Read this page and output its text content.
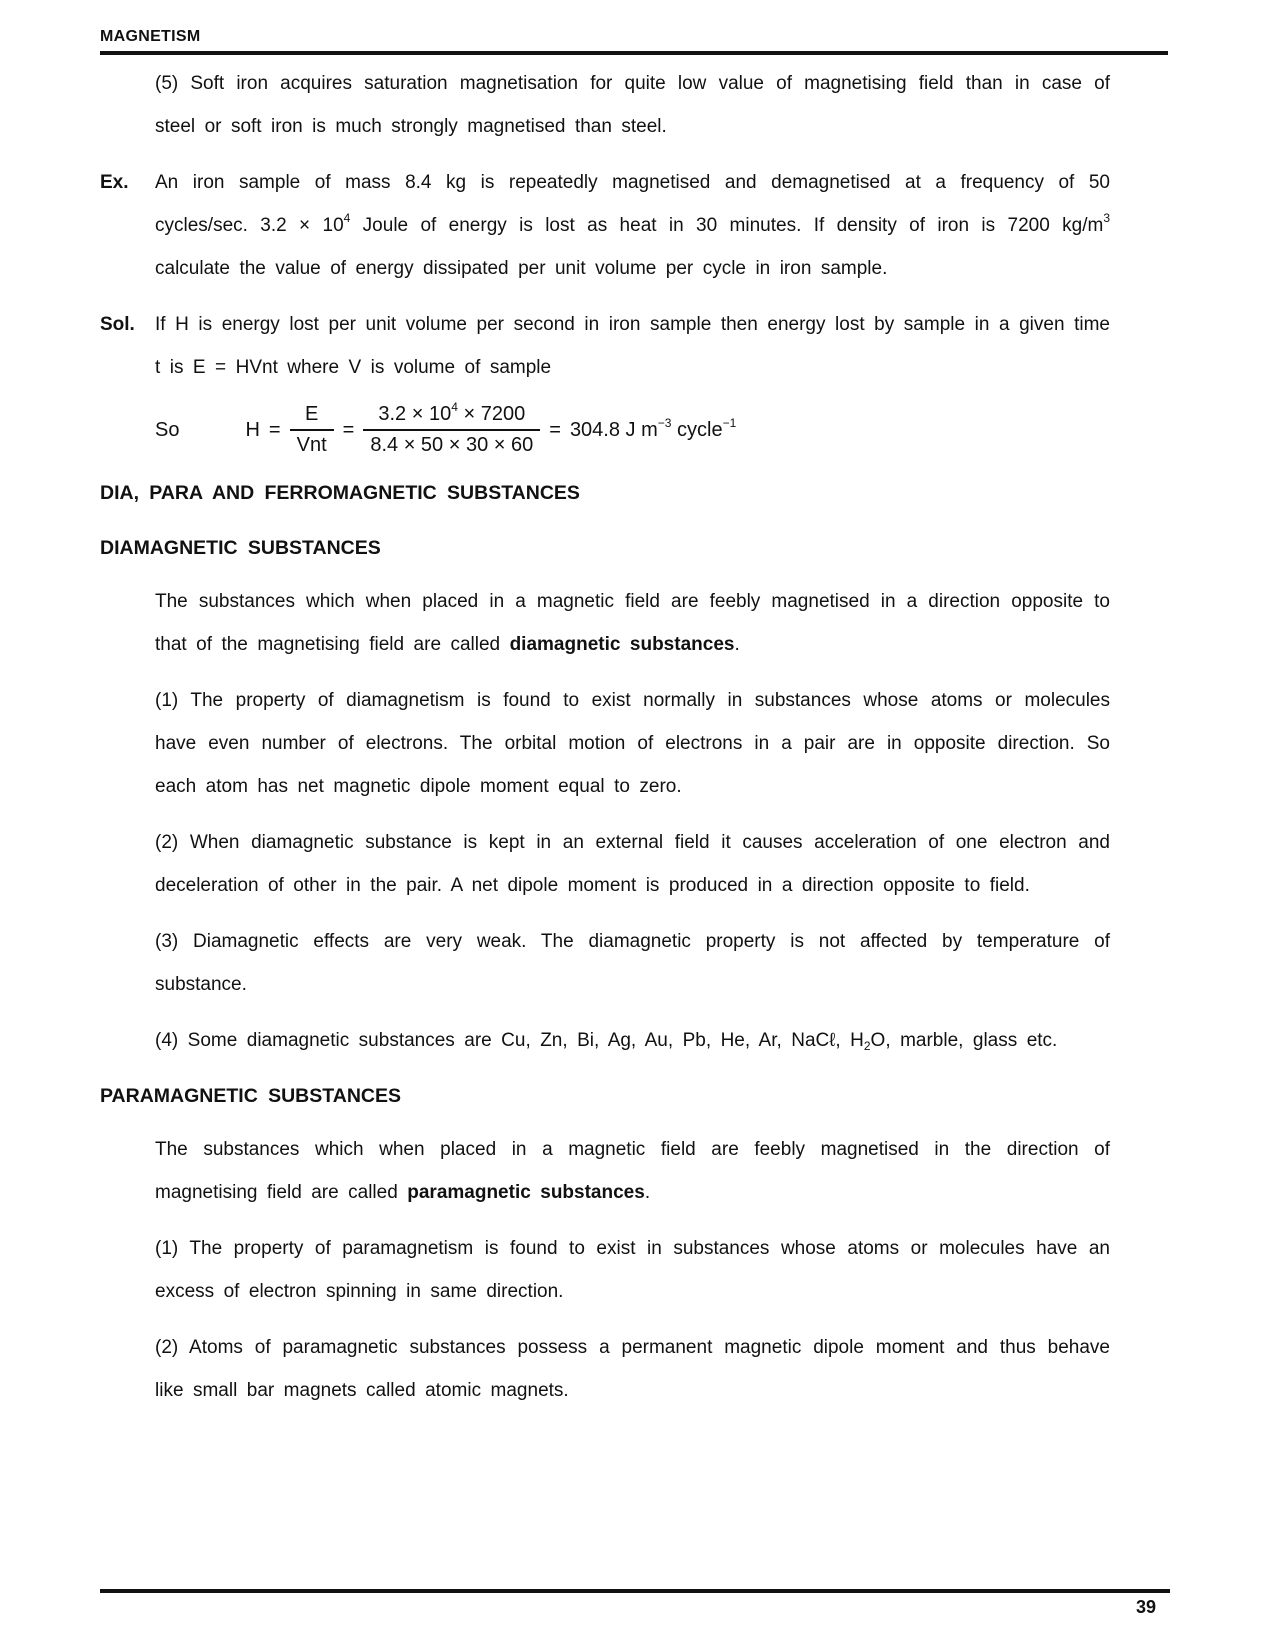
MAGNETISM

(5) Soft iron acquires saturation magnetisation for quite low value of magnetising field than in case of steel or soft iron is much strongly magnetised than steel.

Ex. An iron sample of mass 8.4 kg is repeatedly magnetised and demagnetised at a frequency of 50 cycles/sec. $3.2 \times 10^4$ Joule of energy is lost as heat in 30 minutes. If density of iron is 7200 $kg/m^3$ calculate the value of energy dissipated per unit volume per cycle in iron sample.

Sol. If H is energy lost per unit volume per second in iron sample then energy lost by sample in a given time t is E = HVnt where V is volume of sample

So	$H = \frac{E}{\text{Vnt}} = \frac{3.2 \times 10^4 \times 7200}{8.4 \times 50 \times 30 \times 60} = 304.8$ J $m^{-3}$ cycle$^{-1}$
DIA, PARA AND FERROMAGNETIC SUBSTANCES
DIAMAGNETIC SUBSTANCES

The substances which when placed in a magnetic field are feebly magnetised in a direction opposite to that of the magnetising field are called diamagnetic substances.

(1) The property of diamagnetism is found to exist normally in substances whose atoms or molecules have even number of electrons. The orbital motion of electrons in a pair are in opposite direction. So each atom has net magnetic dipole moment equal to zero.

(2) When diamagnetic substance is kept in an external field it causes acceleration of one electron and deceleration of other in the pair. A net dipole moment is produced in a direction opposite to field.

(3) Diamagnetic effects are very weak. The diamagnetic property is not affected by temperature of substance.

(4) Some diamagnetic substances are Cu, Zn, Bi, Ag, Au, Pb, He, Ar, NaCℓ, $H_2O$, marble, glass etc.

PARAMAGNETIC SUBSTANCES

The substances which when placed in a magnetic field are feebly magnetised in the direction of magnetising field are called paramagnetic substances.

(1) The property of paramagnetism is found to exist in substances whose atoms or molecules have an excess of electron spinning in same direction.

(2) Atoms of paramagnetic substances possess a permanent magnetic dipole moment and thus behave like small bar magnets called atomic magnets.

39
